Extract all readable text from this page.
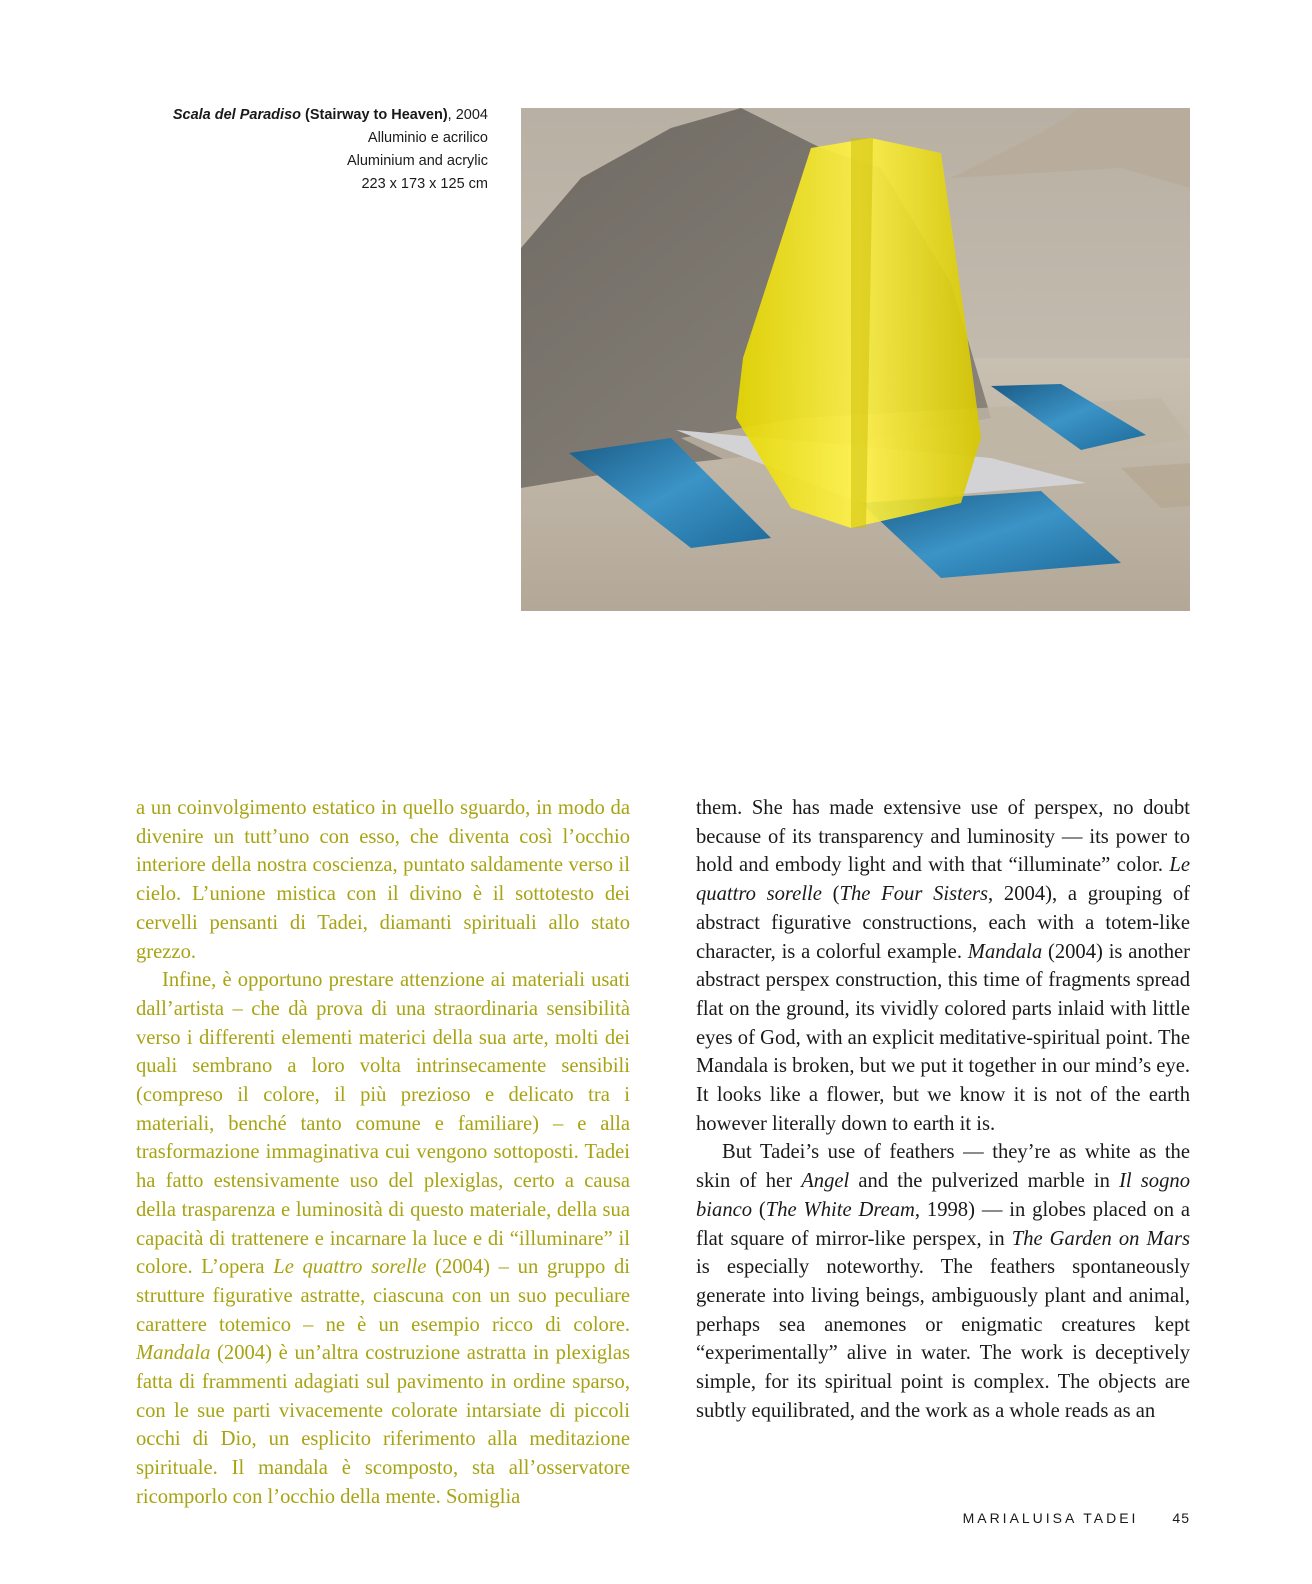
Scala del Paradiso (Stairway to Heaven), 2004
Alluminio e acrilico
Aluminium and acrylic
223 x 173 x 125 cm

a un coinvolgimento estatico in quello sguardo, in modo da divenire un tutt’uno con esso, che diventa così l’occhio interiore della nostra coscienza, puntato saldamente verso il cielo. L’unione mistica con il divino è il sottotesto dei cervelli pensanti di Tadei, diamanti spirituali allo stato grezzo.

Infine, è opportuno prestare attenzione ai materiali usati dall’artista – che dà prova di una straordinaria sensibilità verso i differenti elementi materici della sua arte, molti dei quali sembrano a loro volta intrinsecamente sensibili (compreso il colore, il più prezioso e delicato tra i materiali, benché tanto comune e familiare) – e alla trasformazione immaginativa cui vengono sottoposti. Tadei ha fatto estensivamente uso del plexiglas, certo a causa della trasparenza e luminosità di questo materiale, della sua capacità di trattenere e incarnare la luce e di “illuminare” il colore. L’opera Le quattro sorelle (2004) – un gruppo di strutture figurative astratte, ciascuna con un suo peculiare carattere totemico – ne è un esempio ricco di colore. Mandala (2004) è un’altra costruzione astratta in plexiglas fatta di frammenti adagiati sul pavimento in ordine sparso, con le sue parti vivacemente colorate intarsiate di piccoli occhi di Dio, un esplicito riferimento alla meditazione spirituale. Il mandala è scomposto, sta all’osservatore ricomporlo con l’occhio della mente. Somiglia

them. She has made extensive use of perspex, no doubt because of its transparency and luminosity — its power to hold and embody light and with that “illuminate” color. Le quattro sorelle (The Four Sisters, 2004), a grouping of abstract figurative constructions, each with a totem-like character, is a colorful example. Mandala (2004) is another abstract perspex construction, this time of fragments spread flat on the ground, its vividly colored parts inlaid with little eyes of God, with an explicit meditative-spiritual point. The Mandala is broken, but we put it together in our mind’s eye. It looks like a flower, but we know it is not of the earth however literally down to earth it is.

But Tadei’s use of feathers — they’re as white as the skin of her Angel and the pulverized marble in Il sogno bianco (The White Dream, 1998) — in globes placed on a flat square of mirror-like perspex, in The Garden on Mars is especially noteworthy. The feathers spontaneously generate into living beings, ambiguously plant and animal, perhaps sea anemones or enigmatic creatures kept “experimentally” alive in water. The work is deceptively simple, for its spiritual point is complex. The objects are subtly equilibrated, and the work as a whole reads as an

MARIALUISA TADEI 45
